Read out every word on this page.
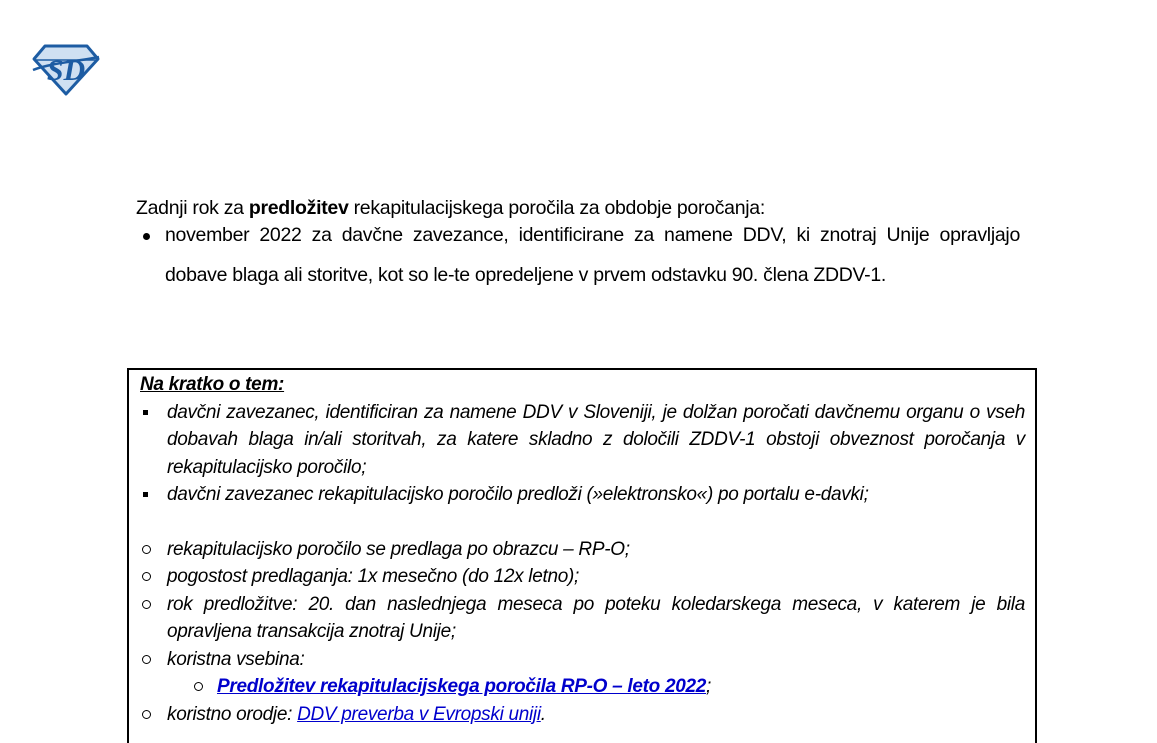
SD

Zadnji rok za predložitev rekapitulacijskega poročila za obdobje poročanja:

november 2022 za davčne zavezance, identificirane za namene DDV, ki znotraj Unije opravljajo dobave blaga ali storitve, kot so le-te opredeljene v prvem odstavku 90. člena ZDDV-1.

Na kratko o tem:

davčni zavezanec, identificiran za namene DDV v Sloveniji, je dolžan poročati davčnemu organu o vseh dobavah blaga in/ali storitvah, za katere skladno z določili ZDDV-1 obstoji obveznost poročanja v rekapitulacijsko poročilo;
davčni zavezanec rekapitulacijsko poročilo predloži (»elektronsko«) po portalu e-davki;
rekapitulacijsko poročilo se predlaga po obrazcu – RP-O;
pogostost predlaganja: 1x mesečno (do 12x letno);
rok predložitve: 20. dan naslednjega meseca po poteku koledarskega meseca, v katerem je bila opravljena transakcija znotraj Unije;
koristna vsebina:
Predložitev rekapitulacijskega poročila RP-O – leto 2022;
koristno orodje: DDV preverba v Evropski uniji.
